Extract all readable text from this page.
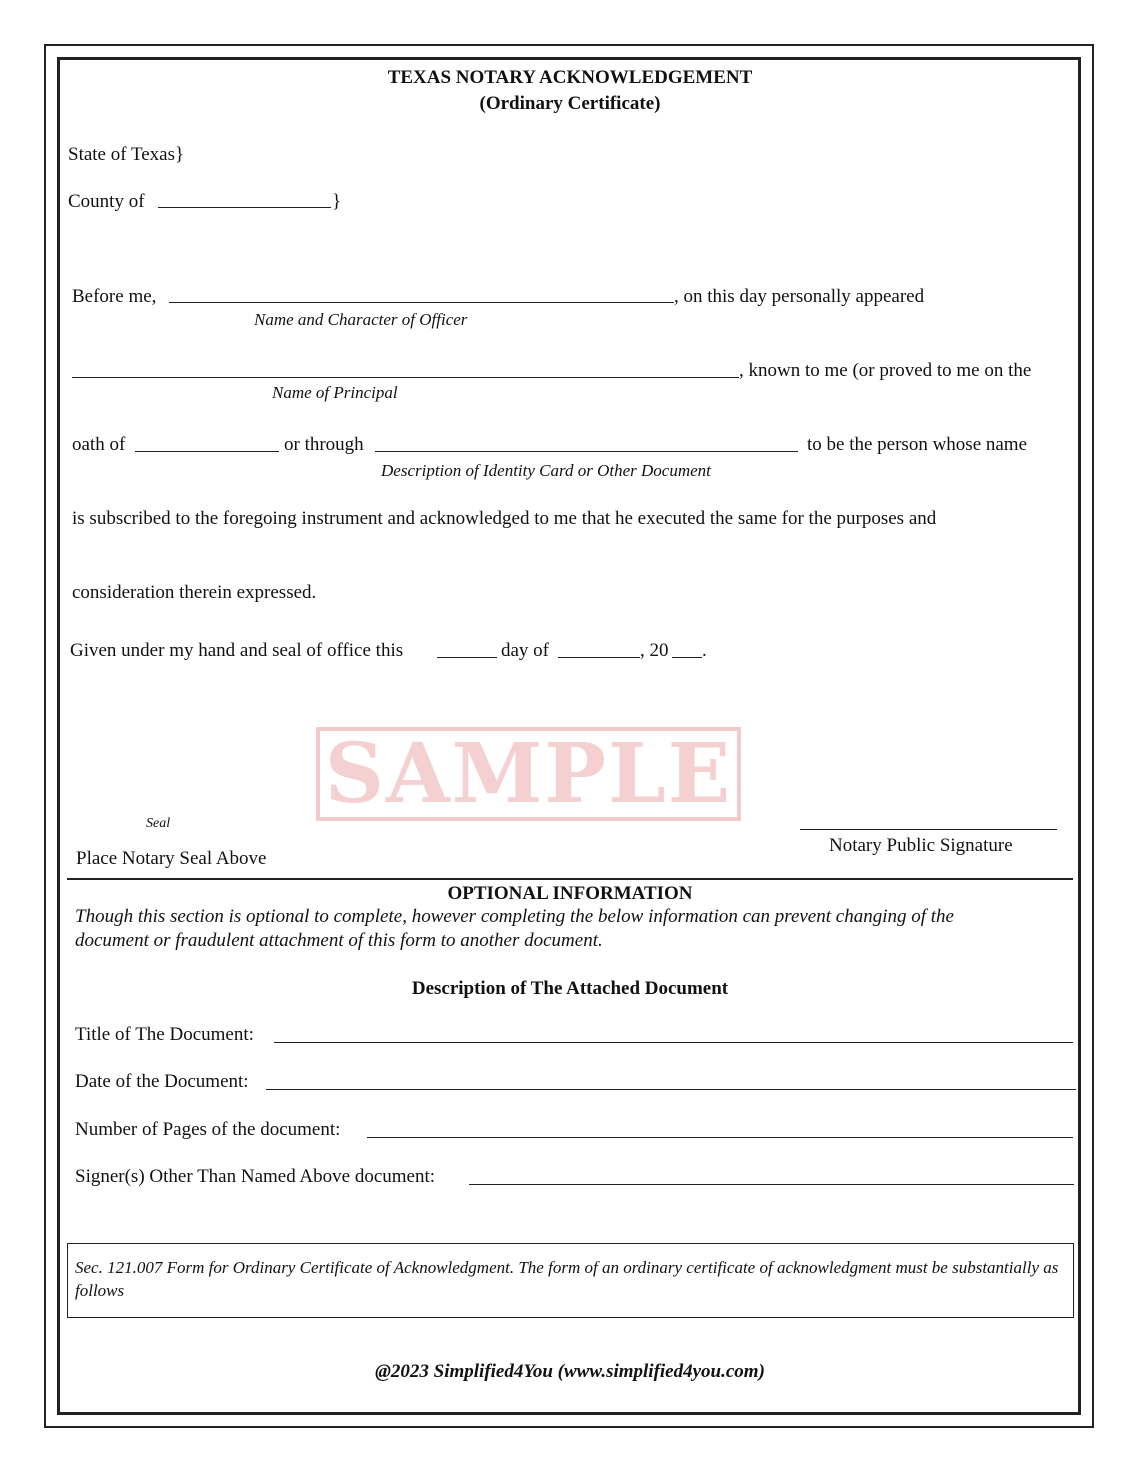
TEXAS NOTARY ACKNOWLEDGEMENT
(Ordinary Certificate)
State of Texas}
County of	}
Before me,	, on this day personally appeared
Name and Character of Officer
, known to me (or proved to me on the
Name of Principal
oath of	or through	to be the person whose name
Description of Identity Card or Other Document
is subscribed to the foregoing instrument and acknowledged to me that he executed the same for the purposes and
consideration therein expressed.
Given under my hand and seal of office this	day of	, 20 .
SAMPLE
Seal
Place Notary Seal Above
Notary Public Signature
OPTIONAL INFORMATION
Though this section is optional to complete, however completing the below information can prevent changing of the
document or fraudulent attachment of this form to another document.
Description of The Attached Document
Title of The Document:
Date of the Document:
Number of Pages of the document:
Signer(s) Other Than Named Above document:
Sec. 121.007 Form for Ordinary Certificate of Acknowledgment. The form of an ordinary certificate of acknowledgment must be substantially as follows
@2023 Simplified4You (www.simplified4you.com)
